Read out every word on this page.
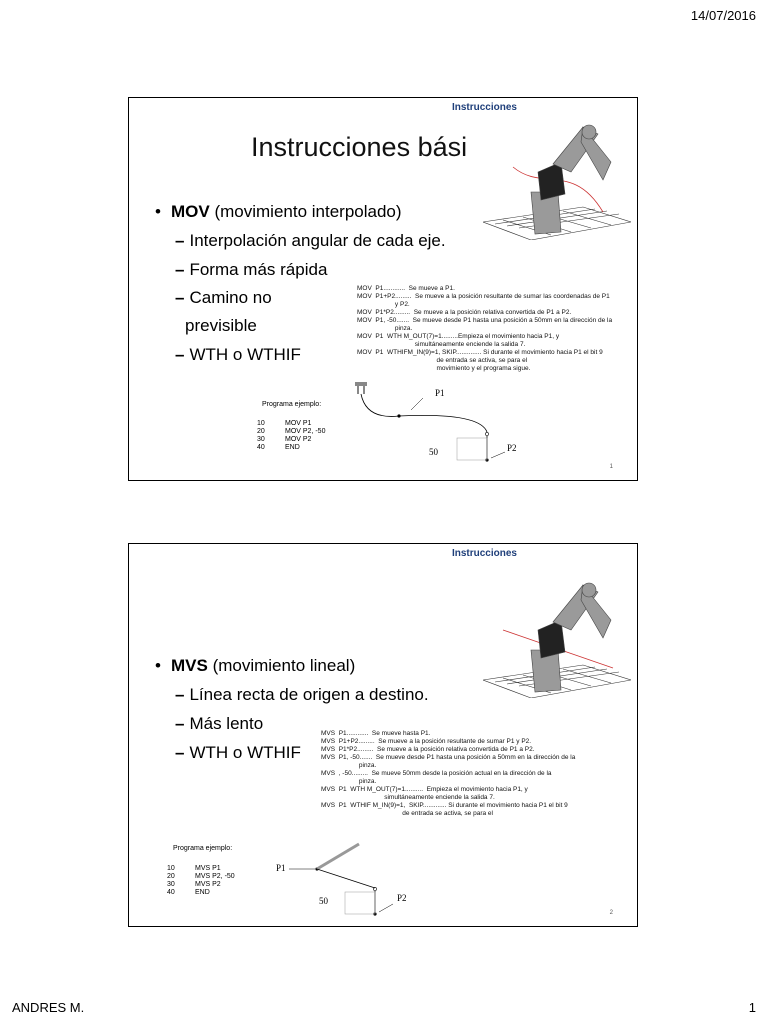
14/07/2016
Instrucciones
Instrucciones bási
• MOV (movimiento interpolado)
– Interpolación angular de cada eje.
– Forma más rápida
– Camino no
previsible
– WTH o WTHIF

MOV  P1............  Se mueve a P1.
MOV  P1+P2.........  Se mueve a la posición resultante de sumar las coordenadas de P1
y P2.
MOV  P1*P2.........  Se mueve a la posición relativa convertida de P1 a P2.
MOV  P1, -50.......  Se mueve desde P1 hasta una posición a 50mm en la dirección de la
pinza.
MOV  P1  WTH M_OUT(7)=1.........Empieza el movimiento hacia P1, y
simultáneamente enciende la salida 7.
MOV  P1  WTHIFM_IN(9)=1, SKIP.............. Si durante el movimiento hacia P1 el bit 9
de entrada se activa, se para el
movimiento y el programa sigue.

Programa ejemplo:
10	MOV P1
20	MOV P2, -50
30	MOV P2
40	END
P1
P2
50
1
Instrucciones
• MVS (movimiento lineal)
– Línea recta de origen a destino.
– Más lento
– WTH o WTHIF

MVS  P1............  Se mueve hasta P1.
MVS  P1+P2.........  Se mueve a la posición resultante de sumar P1 y P2.
MVS  P1*P2.........  Se mueve a la posición relativa convertida de P1 a P2.
MVS  P1, -50.......  Se mueve desde P1 hasta una posición a 50mm en la dirección de la
pinza.
MVS  , -50.........  Se mueve 50mm desde la posición actual en la dirección de la
pinza.
MVS  P1  WTH M_OUT(7)=1..........  Empieza el movimiento hacia P1, y
simultáneamente enciende la salida 7.
MVS  P1  WTHIF M_IN(9)=1,  SKIP............. Si durante el movimiento hacia P1 el bit 9
de entrada se activa, se para el

Programa ejemplo:
10	MVS P1
20	MVS P2, -50
30	MVS P2
40	END
P1
P2
50
2
ANDRES M.	1
